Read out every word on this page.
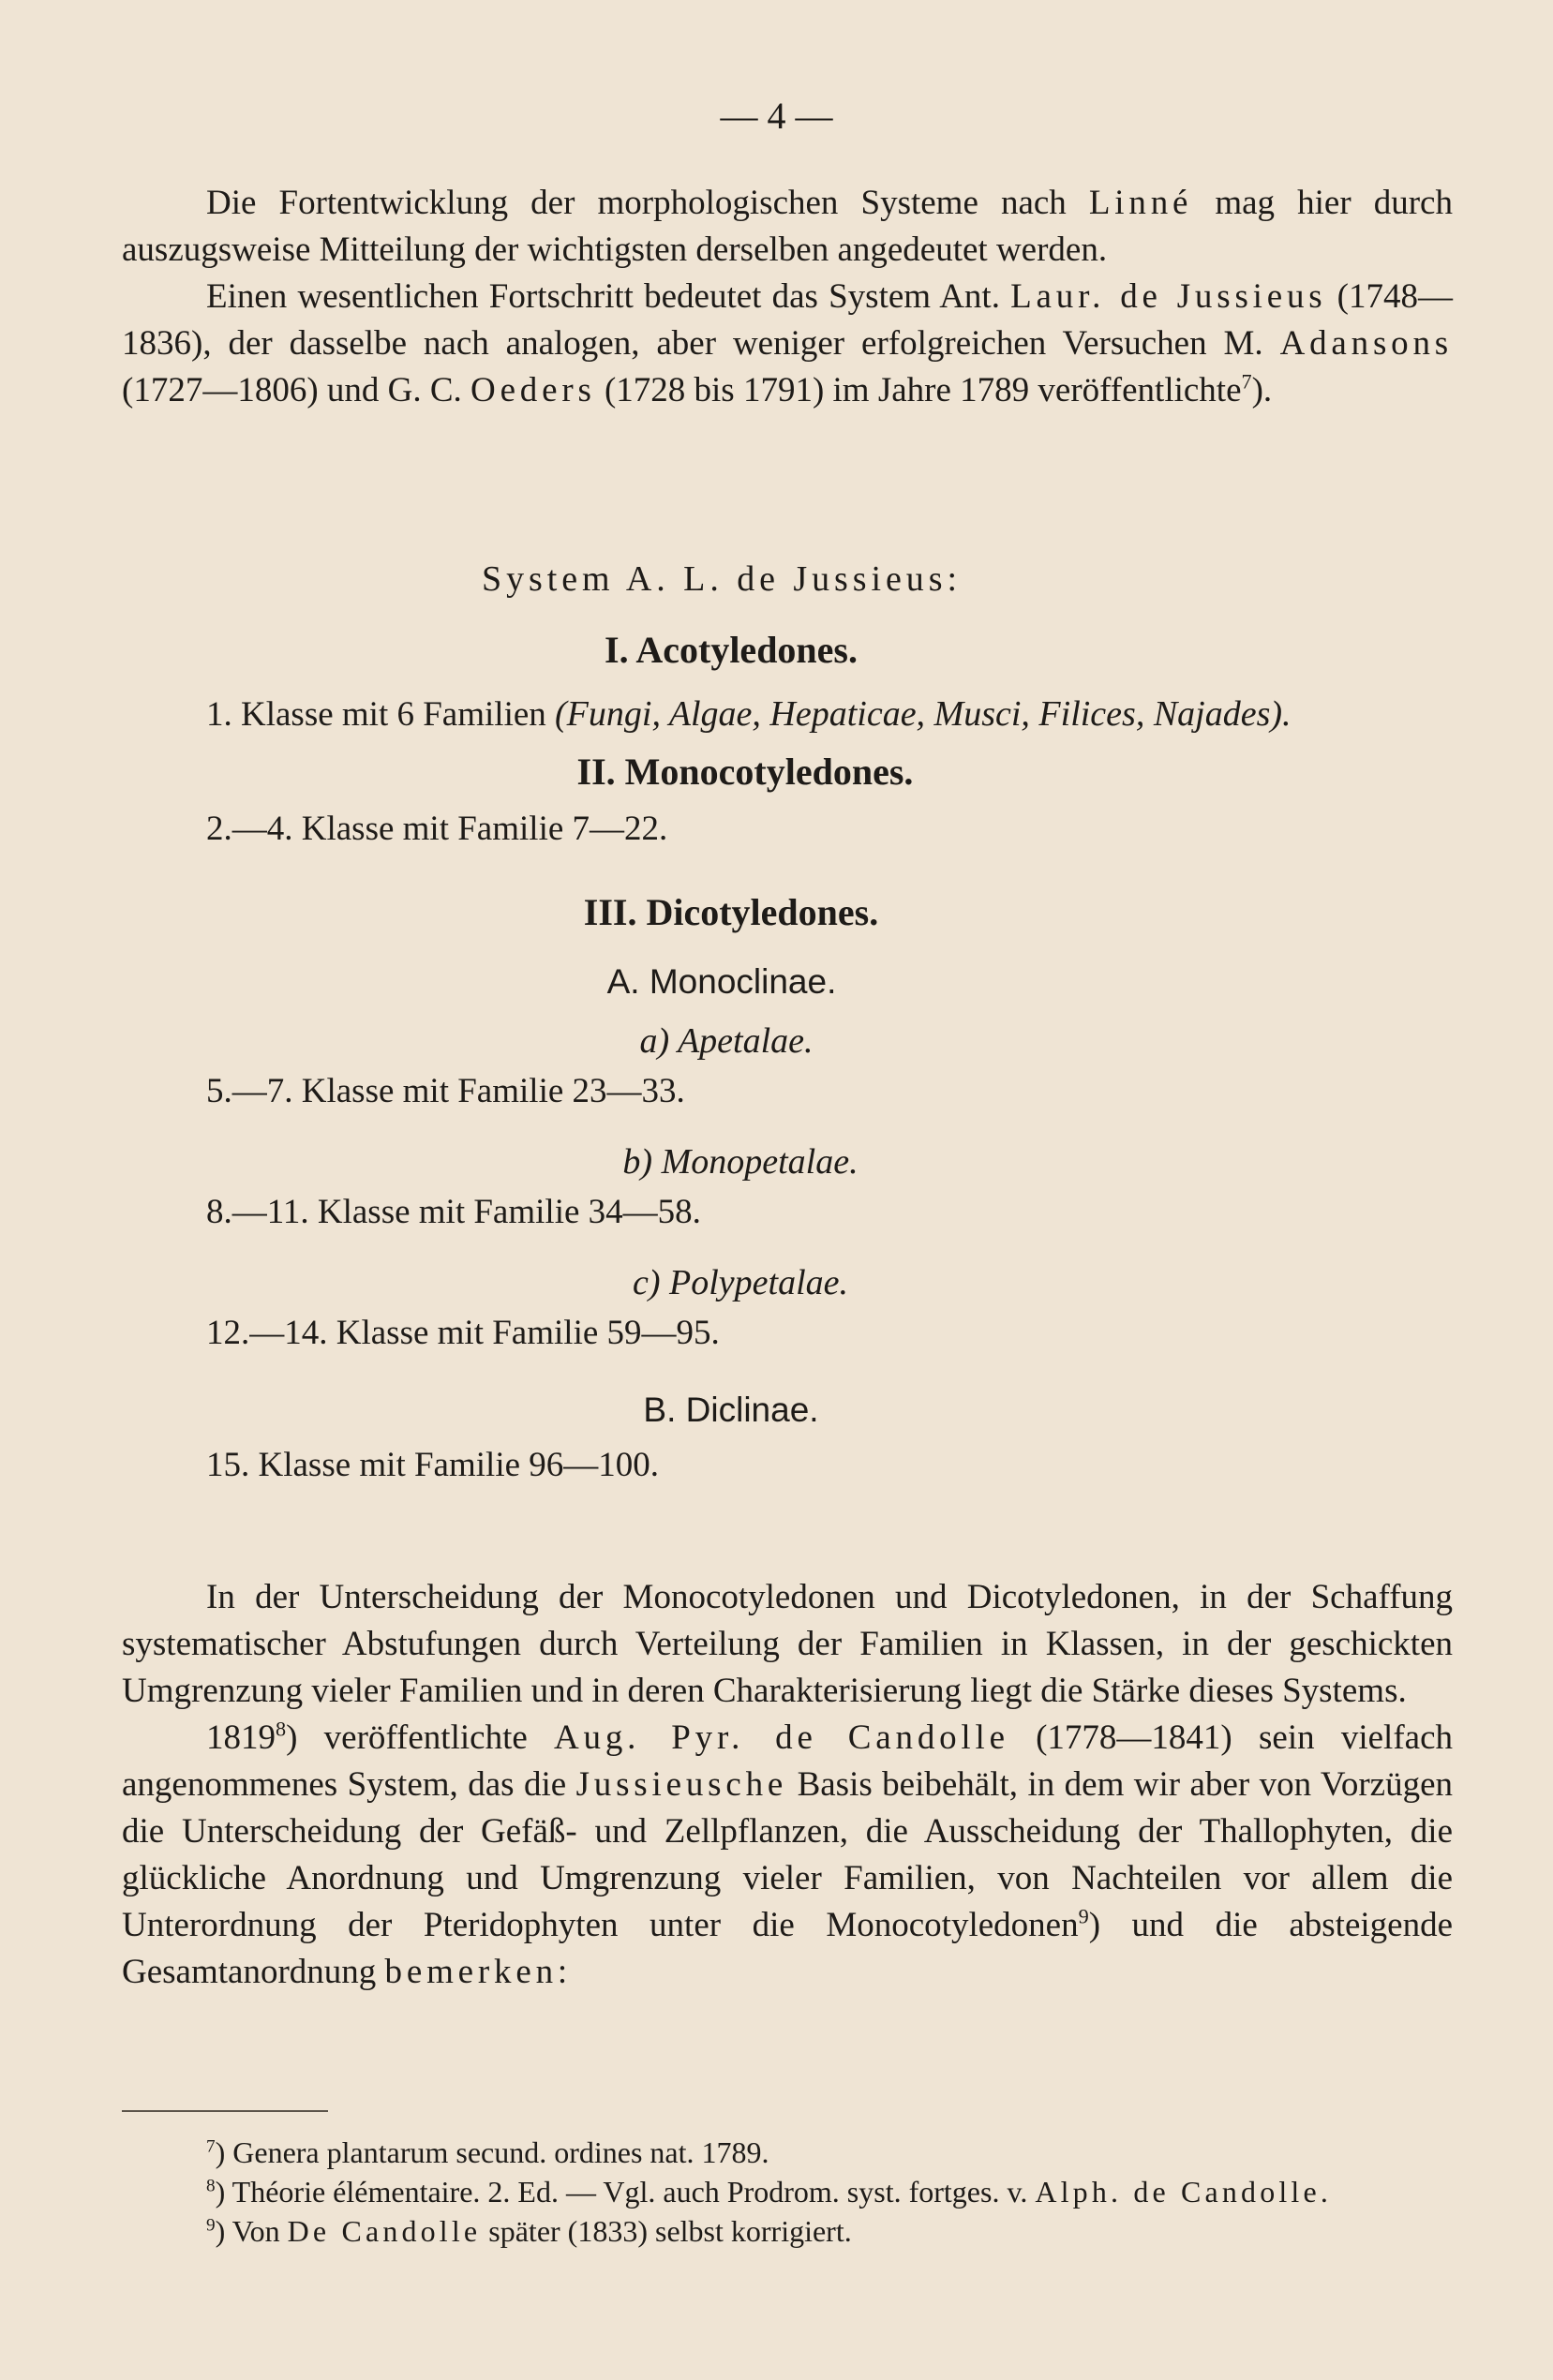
— 4 —

Die Fortentwicklung der morphologischen Systeme nach Linné mag hier durch auszugsweise Mitteilung der wichtigsten derselben angedeutet werden.

Einen wesentlichen Fortschritt bedeutet das System Ant. Laur. de Jussieus (1748—1836), der dasselbe nach analogen, aber weniger erfolgreichen Versuchen M. Adansons (1727—1806) und G. C. Oeders (1728 bis 1791) im Jahre 1789 veröffentlichte$^7$).

System A. L. de Jussieus:

I. Acotyledones.

1. Klasse mit 6 Familien (Fungi, Algae, Hepaticae, Musci, Filices, Najades).

II. Monocotyledones.

2.—4. Klasse mit Familie 7—22.

III. Dicotyledones.

A. Monoclinae.

a) Apetalae.

5.—7. Klasse mit Familie 23—33.

b) Monopetalae.

8.—11. Klasse mit Familie 34—58.

c) Polypetalae.

12.—14. Klasse mit Familie 59—95.

B. Diclinae.

15. Klasse mit Familie 96—100.

In der Unterscheidung der Monocotyledonen und Dicotyledonen, in der Schaffung systematischer Abstufungen durch Verteilung der Familien in Klassen, in der geschickten Umgrenzung vieler Familien und in deren Charakterisierung liegt die Stärke dieses Systems.

1819$^8$) veröffentlichte Aug. Pyr. de Candolle (1778—1841) sein vielfach angenommenes System, das die Jussieusche Basis beibehält, in dem wir aber von Vorzügen die Unterscheidung der Gefäß- und Zellpflanzen, die Ausscheidung der Thallophyten, die glückliche Anordnung und Umgrenzung vieler Familien, von Nachteilen vor allem die Unterordnung der Pteridophyten unter die Monocotyledonen$^9$) und die absteigende Gesamtanordnung bemerken:

$^7$) Genera plantarum secund. ordines nat. 1789.

$^8$) Théorie élémentaire. 2. Ed. — Vgl. auch Prodrom. syst. fortges. v. Alph. de Candolle.

$^9$) Von De Candolle später (1833) selbst korrigiert.
